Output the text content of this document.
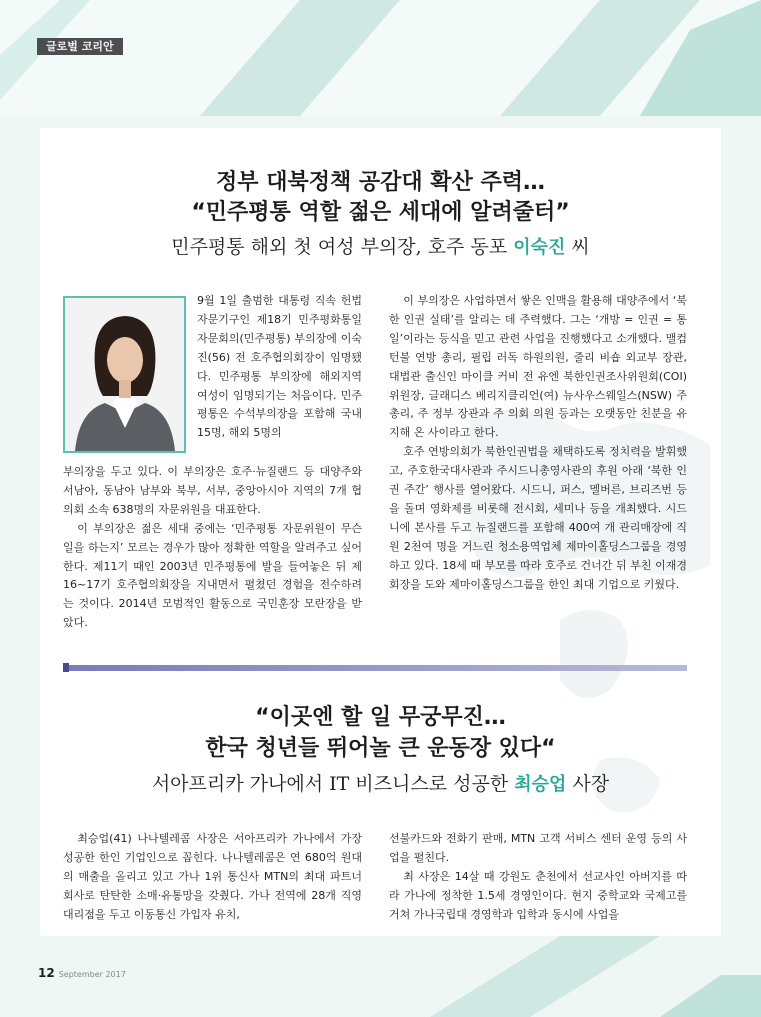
글로벌 코리안
정부 대북정책 공감대 확산 주력…
“민주평통 역할 젊은 세대에 알려줄터”
민주평통 해외 첫 여성 부의장, 호주 동포 이숙진 씨
9월 1일 출범한 대통령 직속 헌법자문기구인 제18기 민주평화통일자문회의(민주평통) 부의장에 이숙진(56) 전 호주협의회장이 임명됐다. 민주평통 부의장에 해외지역 여성이 임명되기는 처음이다. 민주평통은 수석부의장을 포함해 국내 15명, 해외 5명의

부의장을 두고 있다. 이 부의장은 호주·뉴질랜드 등 대양주와 서남아, 동남아 남부와 북부, 서부, 중앙아시아 지역의 7개 협의회 소속 638명의 자문위원을 대표한다.

이 부의장은 젊은 세대 중에는 ‘민주평통 자문위원이 무슨 일을 하는지’ 모르는 경우가 많아 정확한 역할을 알려주고 싶어 한다. 제11기 때인 2003년 민주평통에 발을 들여놓은 뒤 제16~17기 호주협의회장을 지내면서 펼쳤던 경험을 전수하려는 것이다. 2014년 모범적인 활동으로 국민훈장 모란장을 받았다.

이 부의장은 사업하면서 쌓은 인맥을 활용해 대양주에서 ‘북한 인권 실태’를 알리는 데 주력했다. 그는 ‘개방 = 인권 = 통일’이라는 등식을 믿고 관련 사업을 진행했다고 소개했다. 맬컴 턴불 연방 총리, 필립 러독 하원의원, 줄리 비숍 외교부 장관, 대법관 출신인 마이클 커비 전 유엔 북한인권조사위원회(COI) 위원장, 글래디스 베리지클리언(여) 뉴사우스웨일스(NSW) 주 총리, 주 정부 장관과 주 의회 의원 등과는 오랫동안 친분을 유지해 온 사이라고 한다.

호주 연방의회가 북한인권법을 채택하도록 정치력을 발휘했고, 주호한국대사관과 주시드니총영사관의 후원 아래 ‘북한 인권 주간’ 행사를 열어왔다. 시드니, 퍼스, 멜버른, 브리즈번 등을 돌며 영화제를 비롯해 전시회, 세미나 등을 개최했다. 시드니에 본사를 두고 뉴질랜드를 포함해 400여 개 관리매장에 직원 2천여 명을 거느린 청소용역업체 제마이홀딩스그룹을 경영하고 있다. 18세 때 부모를 따라 호주로 건너간 뒤 부친 이재경 회장을 도와 제마이홀딩스그룹을 한인 최대 기업으로 키웠다.

“이곳엔 할 일 무궁무진…
한국 청년들 뛰어놀 큰 운동장 있다“
서아프리카 가나에서 IT 비즈니스로 성공한 최승업 사장

최승업(41) 나나텔레콤 사장은 서아프리카 가나에서 가장 성공한 한인 기업인으로 꼽힌다. 나나텔레콤은 연 680억 원대의 매출을 올리고 있고 가나 1위 통신사 MTN의 최대 파트너 회사로 탄탄한 소매·유통망을 갖췄다. 가나 전역에 28개 직영 대리점을 두고 이동통신 가입자 유치,

선불카드와 전화기 판매, MTN 고객 서비스 센터 운영 등의 사업을 펼친다.

최 사장은 14살 때 강원도 춘천에서 선교사인 아버지를 따라 가나에 정착한 1.5세 경영인이다. 현지 중학교와 국제고를 거쳐 가나국립대 경영학과 입학과 동시에 사업을

12 September 2017
